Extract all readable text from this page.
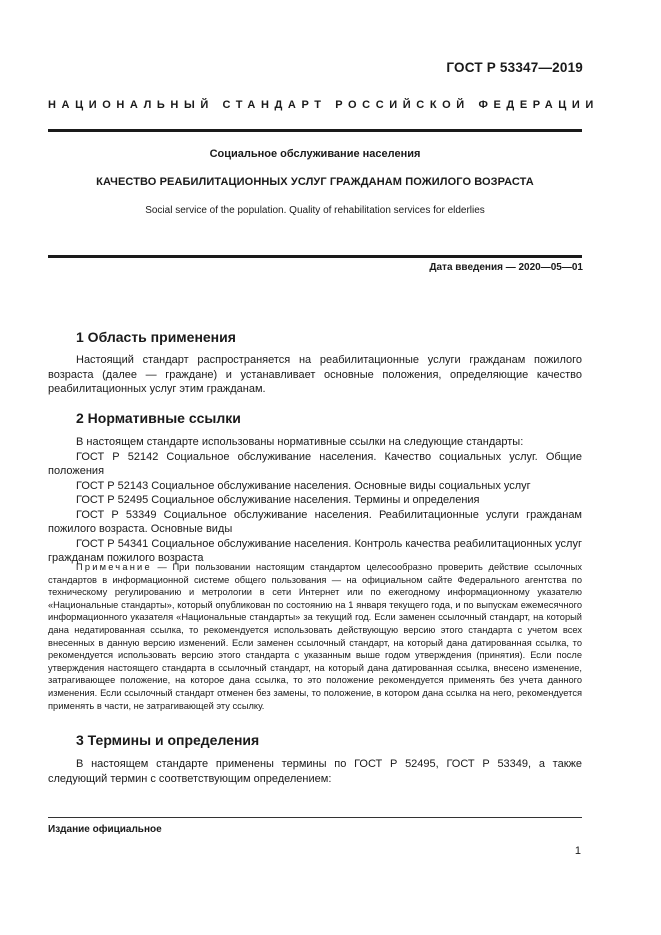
ГОСТ Р 53347—2019
НАЦИОНАЛЬНЫЙ СТАНДАРТ РОССИЙСКОЙ ФЕДЕРАЦИИ
Социальное обслуживание населения
КАЧЕСТВО РЕАБИЛИТАЦИОННЫХ УСЛУГ ГРАЖДАНАМ ПОЖИЛОГО ВОЗРАСТА
Social service of the population. Quality of rehabilitation services for elderlies
Дата введения — 2020—05—01
1 Область применения

Настоящий стандарт распространяется на реабилитационные услуги гражданам пожилого возраста (далее — граждане) и устанавливает основные положения, определяющие качество реабилитационных услуг этим гражданам.

2 Нормативные ссылки

В настоящем стандарте использованы нормативные ссылки на следующие стандарты:

ГОСТ Р 52142 Социальное обслуживание населения. Качество социальных услуг. Общие положения

ГОСТ Р 52143 Социальное обслуживание населения. Основные виды социальных услуг

ГОСТ Р 52495 Социальное обслуживание населения. Термины и определения

ГОСТ Р 53349 Социальное обслуживание населения. Реабилитационные услуги гражданам пожилого возраста. Основные виды

ГОСТ Р 54341 Социальное обслуживание населения. Контроль качества реабилитационных услуг гражданам пожилого возраста

Примечание — При пользовании настоящим стандартом целесообразно проверить действие ссылочных стандартов в информационной системе общего пользования — на официальном сайте Федерального агентства по техническому регулированию и метрологии в сети Интернет или по ежегодному информационному указателю «Национальные стандарты», который опубликован по состоянию на 1 января текущего года, и по выпускам ежемесячного информационного указателя «Национальные стандарты» за текущий год. Если заменен ссылочный стандарт, на который дана недатированная ссылка, то рекомендуется использовать действующую версию этого стандарта с учетом всех внесенных в данную версию изменений. Если заменен ссылочный стандарт, на который дана датированная ссылка, то рекомендуется использовать версию этого стандарта с указанным выше годом утверждения (принятия). Если после утверждения настоящего стандарта в ссылочный стандарт, на который дана датированная ссылка, внесено изменение, затрагивающее положение, на которое дана ссылка, то это положение рекомендуется применять без учета данного изменения. Если ссылочный стандарт отменен без замены, то положение, в котором дана ссылка на него, рекомендуется применять в части, не затрагивающей эту ссылку.

3 Термины и определения

В настоящем стандарте применены термины по ГОСТ Р 52495, ГОСТ Р 53349, а также следующий термин с соответствующим определением:

Издание официальное
1
